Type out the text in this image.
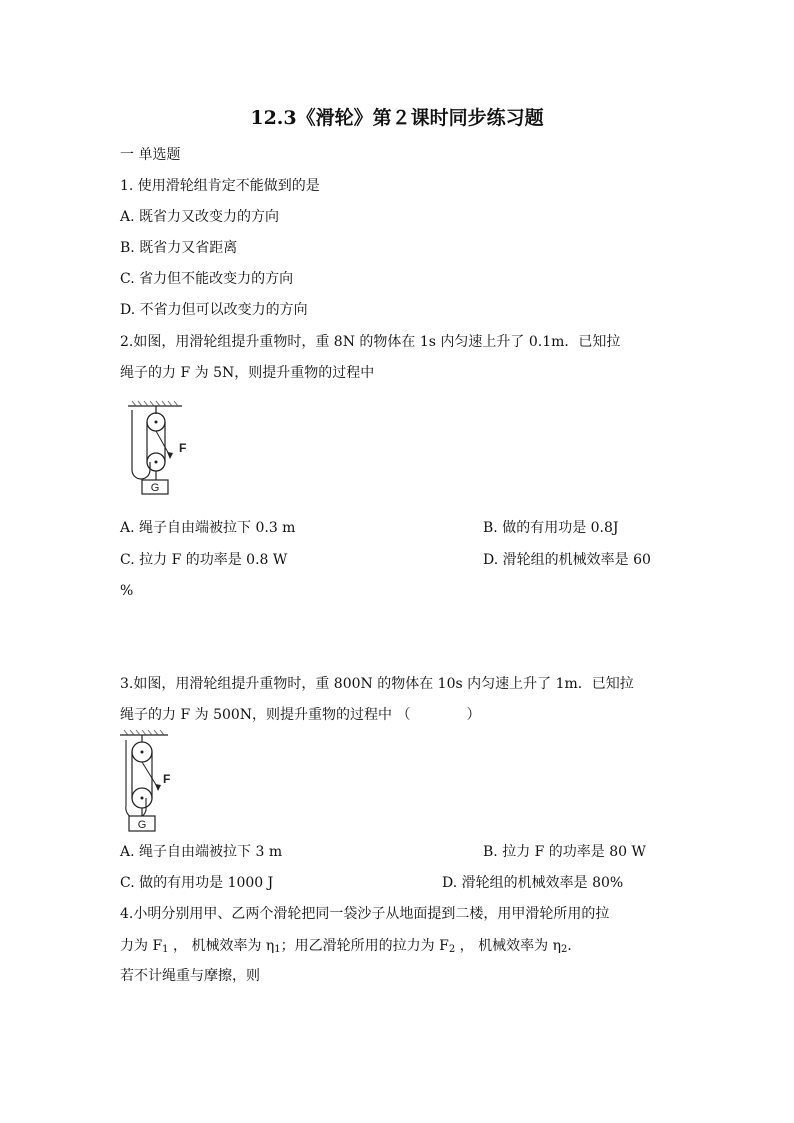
12.3《滑轮》第２课时同步练习题
一 单选题
1. 使用滑轮组肯定不能做到的是
A. 既省力又改变力的方向
B. 既省力又省距离
C. 省力但不能改变力的方向
D. 不省力但可以改变力的方向
2.如图，用滑轮组提升重物时，重 8N 的物体在 1s 内匀速上升了 0.1m．已知拉
绳子的力 F 为 5N，则提升重物的过程中
F
G
A. 绳子自由端被拉下 0.3 m	B. 做的有用功是 0.8J
C. 拉力 F 的功率是 0.8 W	D. 滑轮组的机械效率是 60
%
3.如图，用滑轮组提升重物时，重 800N 的物体在 10s 内匀速上升了 1m．已知拉
绳子的力 F 为 500N，则提升重物的过程中 （　　　　）
F
G
A. 绳子自由端被拉下 3 m	B. 拉力 F 的功率是 80 W
C. 做的有用功是 1000 J	D. 滑轮组的机械效率是 80%
4.小明分别用甲、乙两个滑轮把同一袋沙子从地面提到二楼，用甲滑轮所用的拉
力为 $F_1$ ， 机械效率为 $\eta_1$；用乙滑轮所用的拉力为 $F_2$ ， 机械效率为 $\eta_2$．
若不计绳重与摩擦，则
